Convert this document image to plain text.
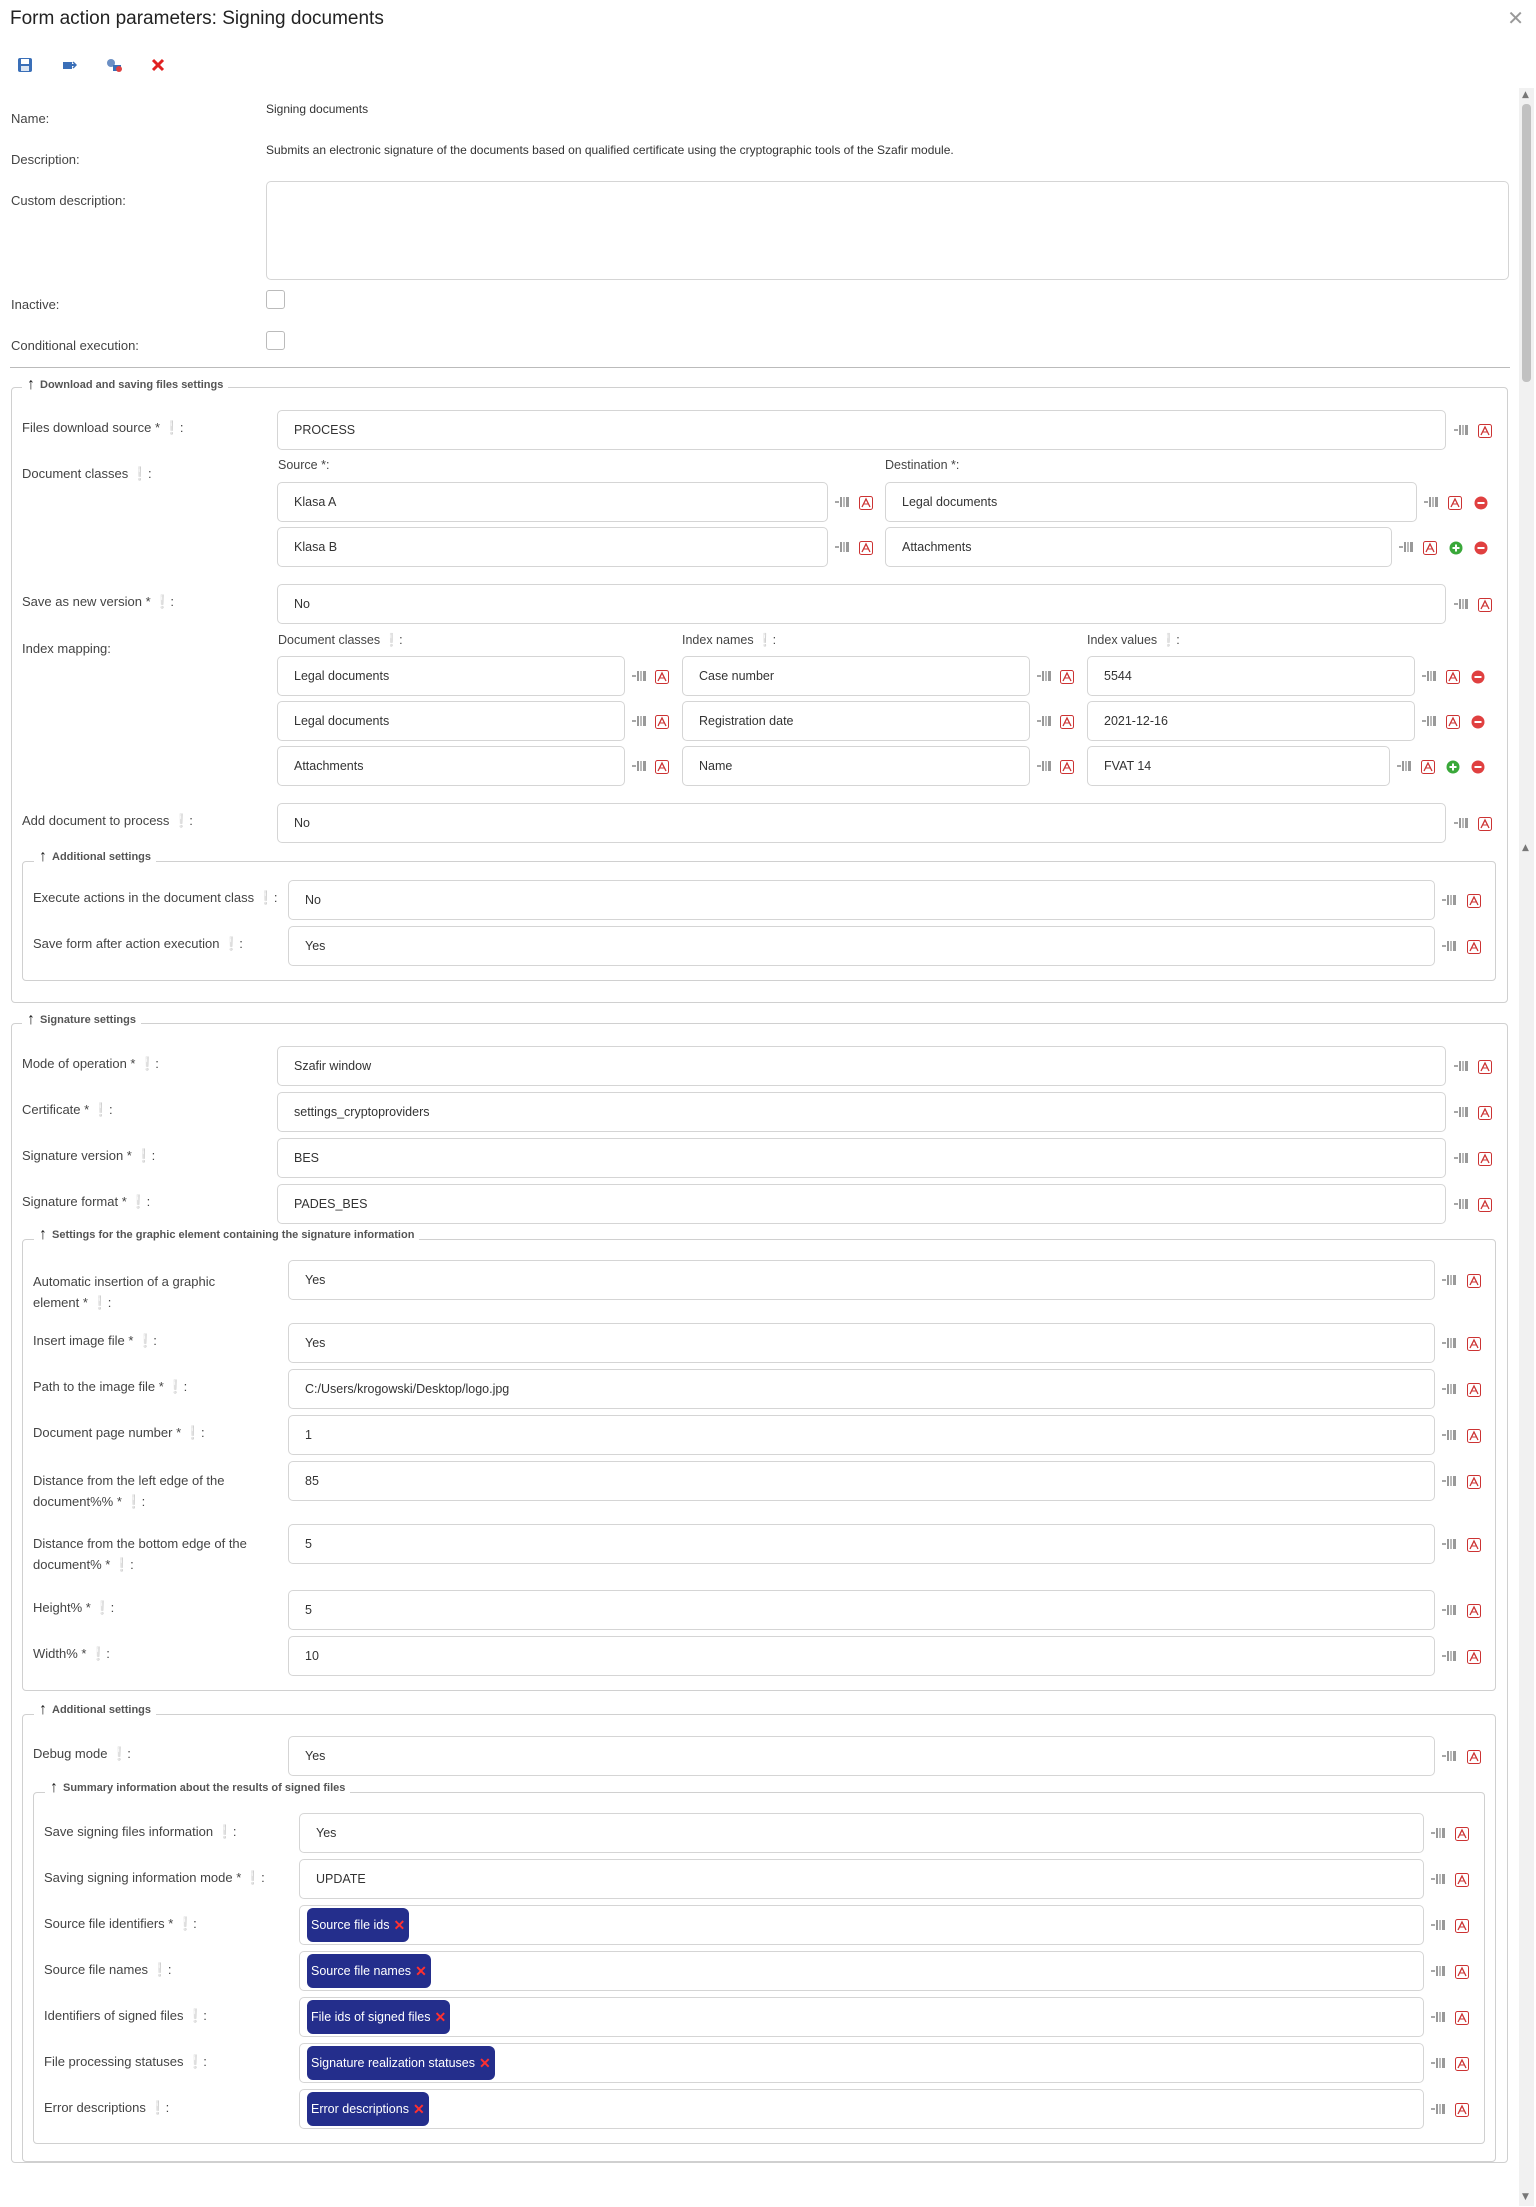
Form action parameters: Signing documents	✕
▲
▲
▼
Name:
Signing documents
Description:
Submits an electronic signature of the documents based on qualified certificate using the cryptographic tools of the Szafir module.
Custom description:
Inactive:
Conditional execution:
↑ Download and saving files settings
Files download source * ❕:	PROCESS
Document classes ❕:
Source *:	Destination *:
Klasa A	Legal documents
Klasa B	Attachments
Save as new version * ❕:	No
Index mapping:
Document classes ❕:	Index names ❕:	Index values ❕:
Legal documents	Case number	5544
Legal documents	Registration date	2021-12-16
Attachments	Name	FVAT 14
Add document to process ❕:	No
↑ Additional settings
Execute actions in the document class ❕:	No
Save form after action execution ❕:	Yes
↑ Signature settings
Mode of operation * ❕:	Szafir window
Certificate * ❕:	settings_cryptoproviders
Signature version * ❕:	BES
Signature format * ❕:	PADES_BES
↑ Settings for the graphic element containing the signature information
Automatic insertion of a graphic
element * ❕:
Yes
Insert image file * ❕:	Yes
Path to the image file * ❕:	C:/Users/krogowski/Desktop/logo.jpg
Document page number * ❕:	1
Distance from the left edge of the
document%% * ❕:
85
Distance from the bottom edge of the
document% * ❕:
5
Height% * ❕:	5
Width% * ❕:	10
↑ Additional settings
Debug mode ❕:	Yes
↑ Summary information about the results of signed files
Save signing files information ❕:	Yes
Saving signing information mode * ❕:	UPDATE
Source file identifiers * ❕:	Source file ids ✕
Source file names ❕:	Source file names ✕
Identifiers of signed files ❕:	File ids of signed files ✕
File processing statuses ❕:	Signature realization statuses ✕
Error descriptions ❕:	Error descriptions ✕
